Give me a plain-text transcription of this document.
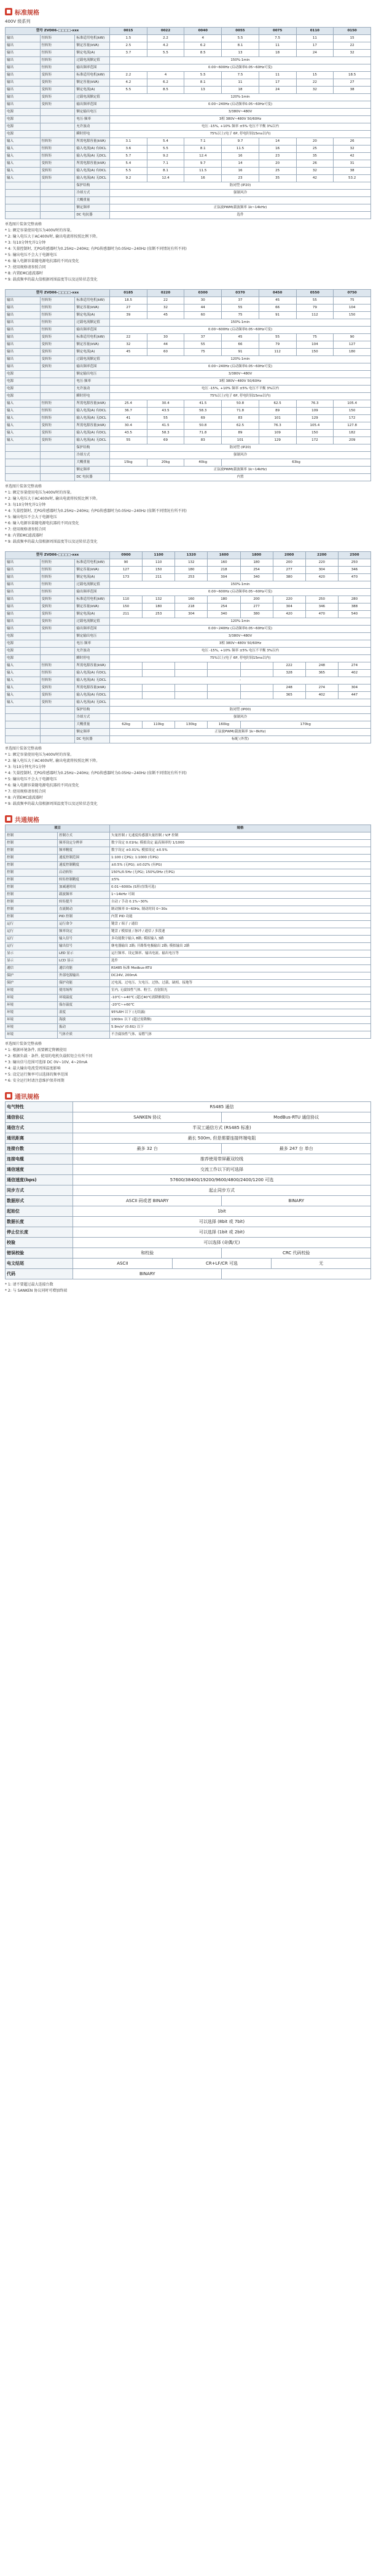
■ 标准规格
400V 级系列
型号 ZVD06-□□□□-xxx			0015	0022	0040	0055	0075	0110	0150
输出	恒转矩	标准适用电机(kW)	1.5	2.2	4	5.5	7.5	11	15
输出	恒转矩	额定容量(kVA)	2.5	4.2	6.2	8.1	11	17	22
输出	恒转矩	额定电流(A)	3.7	5.5	8.5	13	18	24	32
输出	恒转矩	过载电流额定值	150%·1min						
输出	恒转矩	输出频率范围	0.00~600Hz (启动频率0.05~60Hz可变)						
输出	变转矩	标准适用电机(kW)	2.2	4	5.5	7.5	11	15	18.5
输出	变转矩	额定容量(kVA)	4.2	6.2	8.1	11	17	22	27
输出	变转矩	额定电流(A)	5.5	8.5	13	18	24	32	38
输出	变转矩	过载电流额定值	120%·1min						
输出	变转矩	输出频率范围	0.00~240Hz (启动频率0.05~60Hz可变)						
电源		额定输出电压	3/380V~480V						
电源		电压·频率	3相 380V~480V 50/60Hz						
电源		允许波动	电压 -15%, +10% 频率 ±5% 电压不平衡 3%以内						
电源		瞬时停电	75%以上(电子 6P, 停电时间15ms以内)						
输入	恒转矩	所需电源容量(kVA)	3.1	5.4	7.1	9.7	14	20	26
输入	恒转矩	输入电流(A) 有DCL	3.6	5.5	8.1	11.5	16	25	32
输入	恒转矩	输入电流(A) 无DCL	5.7	9.2	12.4	16	23	35	42
输入	变转矩	所需电源容量(kVA)	5.4	7.1	9.7	14	20	26	31
输入	变转矩	输入电流(A) 有DCL	5.5	8.1	11.5	16	25	32	38
输入	变转矩	输入电流(A) 无DCL	9.2	12.4	16	23	35	42	53.2
		保护结构	防闭型 (IP20)						
		冷却方式	强制风冷						
		大概重量	-						
		额定频率	正弦波PWM(载波频率 1k~14kHz)						
		DC 电抗器	选件						
单选图片装备完整表格
* 1: 额定容量使用电压为400V时的容量。
* 2: 输入电压大于AC400V时, 输出电流将按照比例下降。
* 3: 每10分钟允许1分钟
* 4: 矢量控制时, 无PG传感器时为0.25Hz~240Hz; 有PG传感器时为0.05Hz~240Hz (依断不同情况有所不同)
* 5: 输出电压不会大于电源电压
* 6: 输入电源容量随电源电抗器的不同而变化
* 7: 使用规格请参照合同
* 8: 内置EMC滤波器时
* 9: 载波频率的最大值根据周围温度等以及运转状态变化
型号 ZVD06-□□□□-xxx			0185	0220	0300	0370	0450	0550	0750
输出	恒转矩	标准适用电机(kW)	18.5	22	30	37	45	55	75
输出	恒转矩	额定容量(kVA)	27	32	44	55	66	79	104
输出	恒转矩	额定电流(A)	39	45	60	75	91	112	150
输出	恒转矩	过载电流额定值	150%·1min						
输出	恒转矩	输出频率范围	0.00~600Hz (启动频率0.05~60Hz可变)						
输出	变转矩	标准适用电机(kW)	22	30	37	45	55	75	90
输出	变转矩	额定容量(kVA)	32	44	55	66	79	104	127
输出	变转矩	额定电流(A)	45	60	75	91	112	150	180
输出	变转矩	过载电流额定值	120%·1min						
输出	变转矩	输出频率范围	0.00~240Hz (启动频率0.05~60Hz可变)						
电源		额定输出电压	3/380V~480V						
电源		电压·频率	3相 380V~480V 50/60Hz						
电源		允许波动	电压 -15%, +10% 频率 ±5% 电压不平衡 3%以内						
电源		瞬时停电	75%以上(电子 6P, 停电时间15ms以内)						
输入	恒转矩	所需电源容量(kVA)	25.4	30.4	41.5	50.8	62.5	76.3	105.4
输入	恒转矩	输入电流(A) 有DCL	36.7	43.5	58.3	71.8	89	109	150
输入	恒转矩	输入电流(A) 无DCL	41	55	69	83	101	129	172
输入	变转矩	所需电源容量(kVA)	30.4	41.5	50.8	62.5	76.3	105.4	127.8
输入	变转矩	输入电流(A) 有DCL	43.5	58.3	71.8	89	109	150	182
输入	变转矩	输入电流(A) 无DCL	55	69	83	101	129	172	209
		保护结构	防闭型 (IP20)						
		冷却方式	强制风冷						
		大概重量	15kg	20kg	40kg	63kg			
		额定频率	正弦波PWM(载波频率 1k~14kHz)						
		DC 电抗器	内置						
单选图片装备完整表格
* 1: 额定容量使用电压为400V时的容量。
* 2: 输入电压大于AC400V时, 输出电流将按照比例下降。
* 3: 每10分钟允许1分钟
* 4: 矢量控制时, 无PG传感器时为0.25Hz~240Hz; 有PG传感器时为0.05Hz~240Hz (依断不同情况有所不同)
* 5: 输出电压不会大于电源电压
* 6: 输入电源容量随电源电抗器的不同而变化
* 7: 使用规格请参照合同
* 8: 内置EMC滤波器时
* 9: 载波频率的最大值根据周围温度等以及运转状态变化
型号 ZVD06-□□□□-xxx			0900	1100	1320	1600	1800	2000	2200	2500
输出	恒转矩	标准适用电机(kW)	90	110	132	160	180	200	220	250
输出	恒转矩	额定容量(kVA)	127	150	180	218	254	277	304	346
输出	恒转矩	额定电流(A)	173	211	253	304	340	380	420	470
输出	恒转矩	过载电流额定值	150%·1min							
输出	恒转矩	输出频率范围	0.00~600Hz (启动频率0.05~60Hz可变)							
输出	变转矩	标准适用电机(kW)	110	132	160	180	200	220	250	280
输出	变转矩	额定容量(kVA)	150	180	218	254	277	304	346	388
输出	变转矩	额定电流(A)	211	253	304	340	380	420	470	540
输出	变转矩	过载电流额定值	120%·1min							
输出	变转矩	输出频率范围	0.00~240Hz (启动频率0.05~60Hz可变)							
电源		额定输出电压	3/380V~480V							
电源		电压·频率	3相 380V~480V 50/60Hz							
电源		允许波动	电压 -15%, +10% 频率 ±5% 电压不平衡 3%以内							
电源		瞬时停电	75%以上(电子 6P, 停电时间15ms以内)							
输入	恒转矩	所需电源容量(kVA)						222	248	274
输入	恒转矩	输入电流(A) 有DCL						328	365	402
输入	恒转矩	输入电流(A) 无DCL	-							
输入	变转矩	所需电源容量(kVA)						248	274	304
输入	变转矩	输入电流(A) 有DCL						365	402	447
输入	变转矩	输入电流(A) 无DCL	-							
		保护结构	防闭型 (IP00)							
		冷却方式	强制风冷							
		大概重量	62kg	110kg	130kg	160kg	170kg			
		额定频率	正弦波PWM(载波频率 1k~8kHz)							
		DC 电抗器	标配 (外置)							
单选图片装备完整表格
* 1: 额定容量使用电压为400V时的容量。
* 2: 输入电压大于AC400V时, 输出电流将按照比例下降。
* 3: 每10分钟允许1分钟
* 4: 矢量控制时, 无PG传感器时为0.25Hz~240Hz; 有PG传感器时为0.05Hz~240Hz (依断不同情况有所不同)
* 5: 输出电压不会大于电源电压
* 6: 输入电源容量随电源电抗器的不同而变化
* 7: 使用规格请参照合同
* 8: 内置EMC滤波器时
* 9: 载波频率的最大值根据周围温度等以及运转状态变化
■ 共通规格
项目		规格
控制	控制方式	矢量控制 / 无速度传感器矢量控制 / V/F 控制
控制	频率设定分辨率	数字设定 0.01Hz; 模拟设定 最高频率的 1/1000
控制	频率精度	数字设定 ±0.01%; 模拟设定 ±0.5%
控制	速度控制范围	1:100 (无PG); 1:1000 (有PG)
控制	速度控制精度	±0.5% (无PG); ±0.02% (有PG)
控制	启动转矩	150%/0.5Hz (无PG); 150%/0Hz (有PG)
控制	转矩控制精度	±5%
控制	加减速时间	0.01~6000s (S形/直线可选)
控制	载波频率	1~14kHz 可调
控制	转矩提升	自动 / 手动 0.1%~30%
控制	直流制动	制动频率 0~60Hz, 制动时间 0~30s
控制	PID 控制	内置 PID 功能
运行	运行命令	键盘 / 端子 / 通信
运行	频率设定	键盘 / 模拟量 / 脉冲 / 通信 / 多段速
运行	输入信号	多功能数字输入 8路; 模拟输入 3路
运行	输出信号	继电器输出 2路; 开路集电极输出 2路; 模拟输出 2路
显示	LED 显示	运行频率、设定频率、输出电流、输出电压等
显示	LCD 显示	选件
通信	通信功能	RS485 标准 Modbus-RTU
保护	外部电源输出	DC24V, 200mA
保护	保护功能	过电流、过电压、欠电压、过热、过载、缺相、接地等
环境	使用场所	室内, 无腐蚀性气体、粉尘、直射阳光
环境	环境温度	-10℃~+40℃ (超过40℃需降额使用)
环境	保存温度	-20℃~+60℃
环境	湿度	95%RH 以下 (无结露)
环境	海拔	1000m 以下 (超过需降额)
环境	振动	5.9m/s² (0.6G) 以下
环境	气体介质	不含腐蚀性气体、易燃气体
单选图片装备完整表格
* 1: 根据环境条件, 需要额定降额使用
* 2: 根据负载 · 条件, 使用的电机负载转矩会有所不同
* 3: 输出信号范围可选择 DC 0V~10V, 4~20mA
* 4: 最大输出电流受周围温度影响
* 5: 设定运行频率可以选择的频率范围
* 6: 安全运行时请注意维护保养周期
■ 通讯规格
电气特性	RS485 通信			
通信协议	SANKEN 协议		ModBus-RTU 通信协议	
通信方式	半双工通信方式 (RS485 标准)			
通讯距离	最长 500m, 但是需要连接终端电阻			
连接台数	最多 32 台		最多 247 台 单台	
连接电缆	推荐使用带屏蔽双绞线			
通信速度	交流工作以下的可选择			
通信速度(bps)	57600/38400/19200/9600/4800/2400/1200 可选			
同步方式	起止同步方式			
数据形式	ASCII 码或者 BINARY		BINARY	
起始位	1bit			
数据长度	可以选择 (8bit 或 7bit)			
停止位长度	可以选择 (1bit 或 2bit)			
校验	可以选择 (奇偶/无)			
错误校验	和校验		CRC 代码校验	
电文结尾	ASCII	CR+LF/CR 可选		无
代码	BINARY			
* 1: 请不要超过最大连接台数
* 2: 与 SANKEN 协议同时可增加终端
